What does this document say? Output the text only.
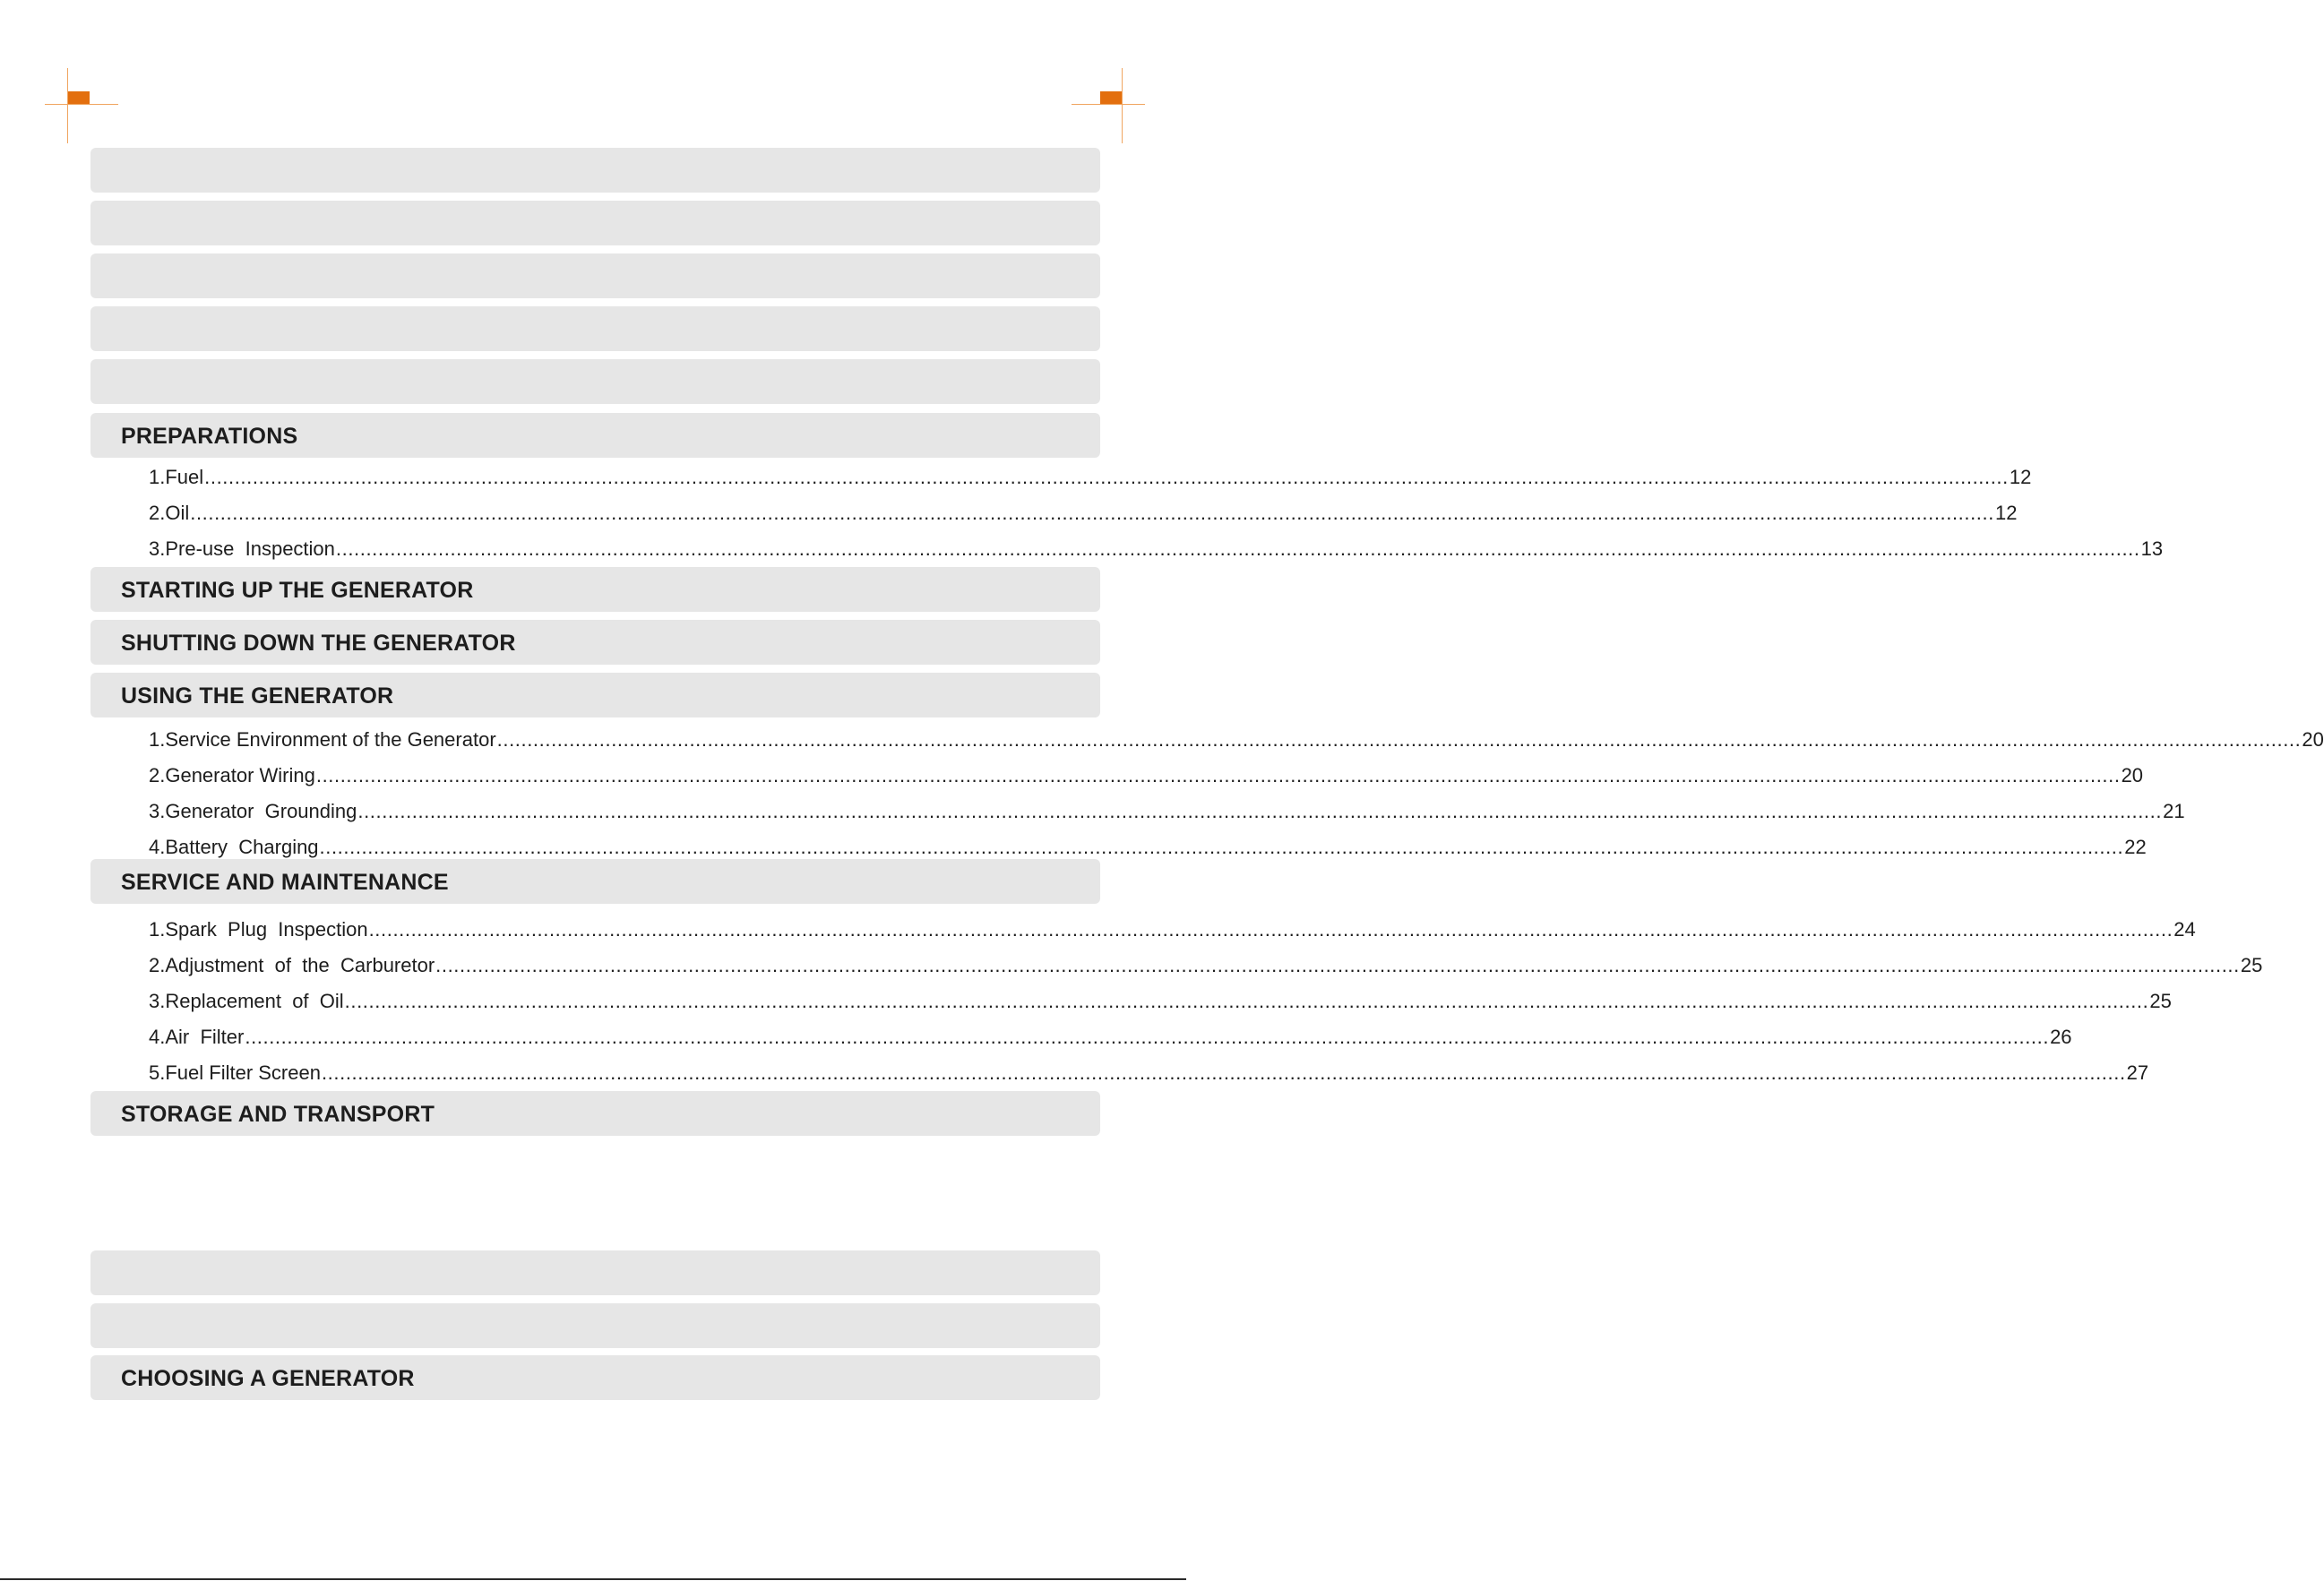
PREPARATIONS
1.Fuel ............................................................................................................................................................................................................................................................................................................ 12
2.Oil ............................................................................................................................................................................................................................................................................................................ 12
3.Pre-use  Inspection ............................................................................................................................................................................................................................................................................................................ 13
STARTING UP THE GENERATOR
SHUTTING DOWN THE GENERATOR
USING THE GENERATOR
1.Service Environment of the Generator ............................................................................................................................................................................................................................................................................................................ 20
2.Generator Wiring ............................................................................................................................................................................................................................................................................................................ 20
3.Generator  Grounding ............................................................................................................................................................................................................................................................................................................ 21
4.Battery  Charging ............................................................................................................................................................................................................................................................................................................ 22
SERVICE AND MAINTENANCE
1.Spark  Plug  Inspection ............................................................................................................................................................................................................................................................................................................ 24
2.Adjustment  of  the  Carburetor ............................................................................................................................................................................................................................................................................................................ 25
3.Replacement  of  Oil ............................................................................................................................................................................................................................................................................................................ 25
4.Air  Filter ............................................................................................................................................................................................................................................................................................................ 26
5.Fuel Filter Screen ............................................................................................................................................................................................................................................................................................................ 27
STORAGE AND TRANSPORT
CHOOSING A GENERATOR
